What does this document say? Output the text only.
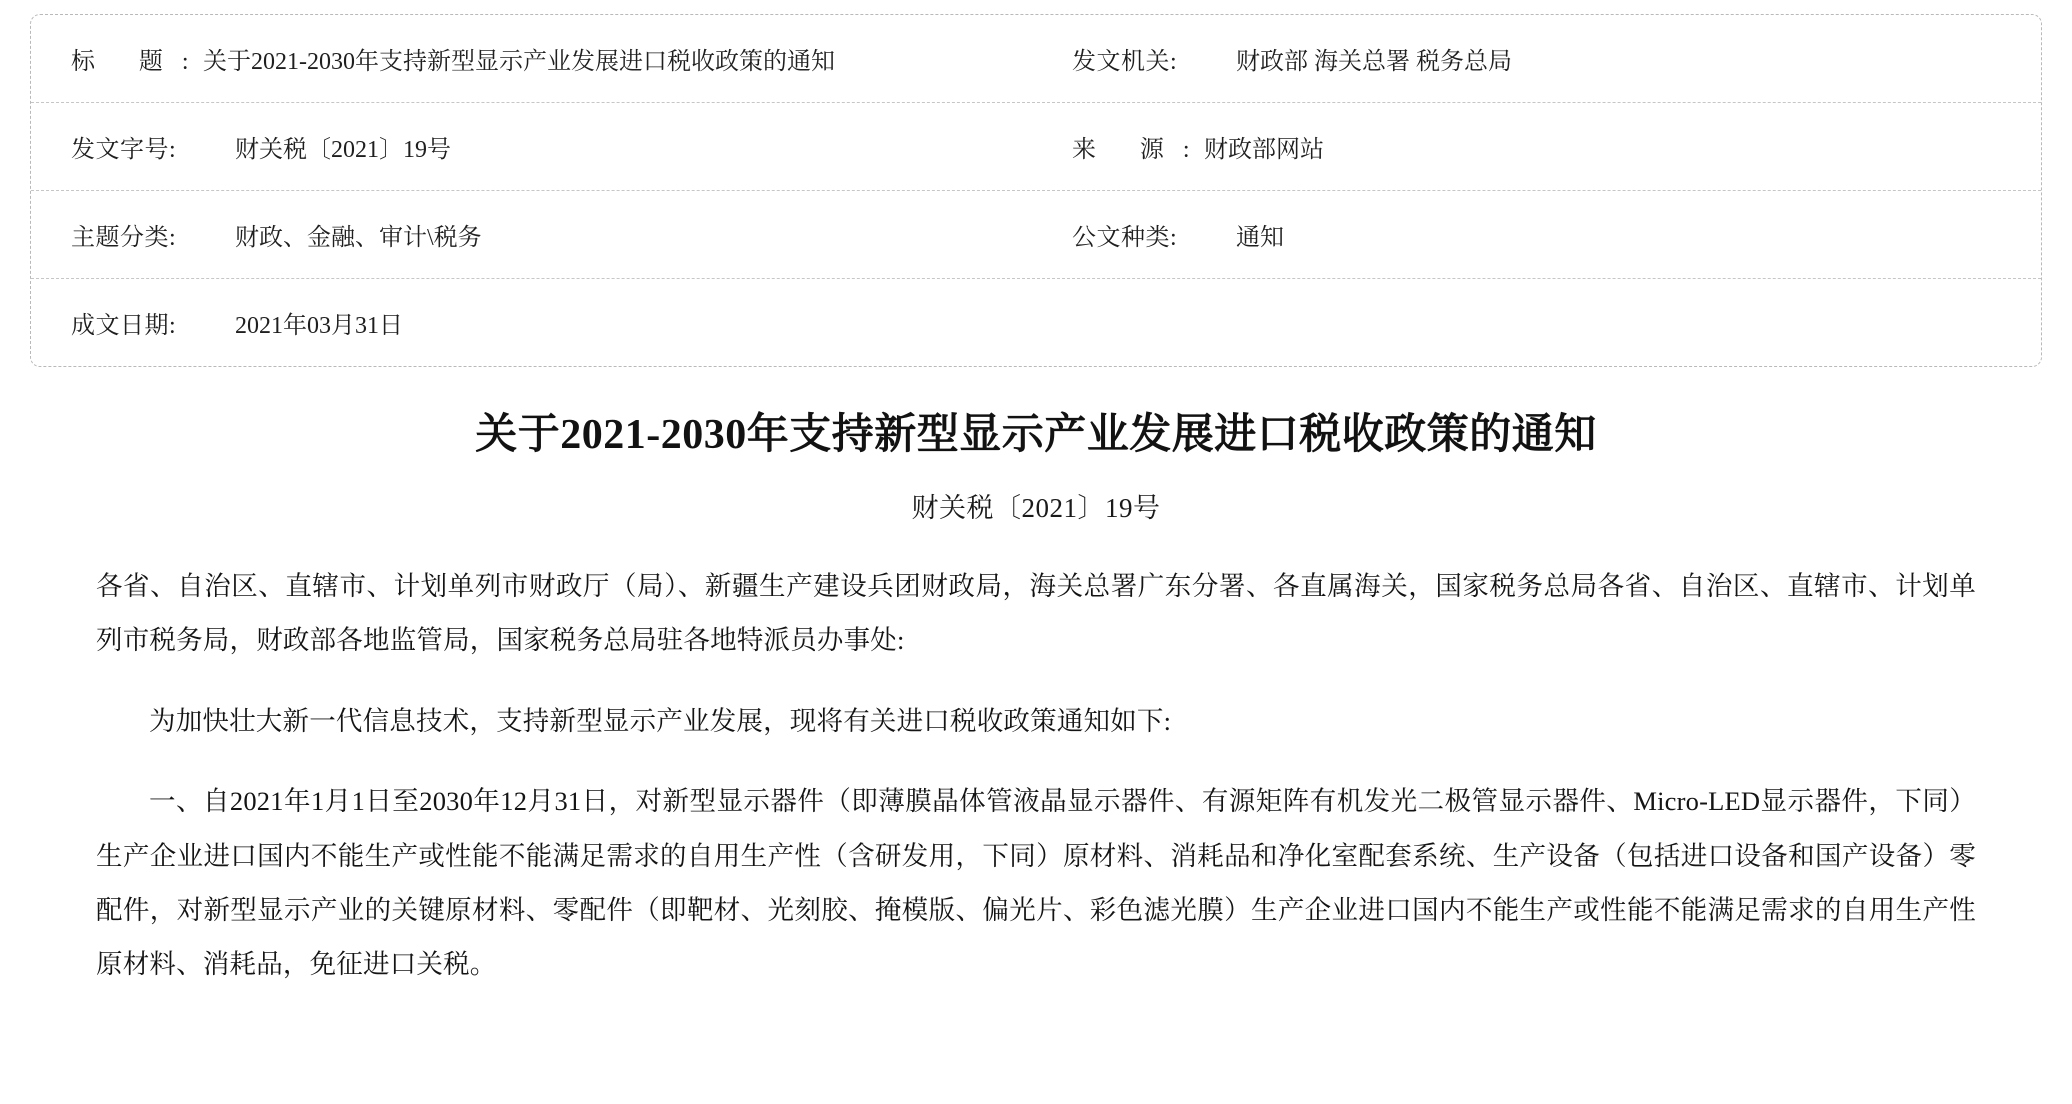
标 题: 关于2021-2030年支持新型显示产业发展进口税收政策的通知	发文机关:	财政部 海关总署 税务总局
发文字号:	财关税〔2021〕19号	来 源: 财政部网站
主题分类:	财政、金融、审计\税务	公文种类:	通知
成文日期:	2021年03月31日
关于2021-2030年支持新型显示产业发展进口税收政策的通知
财关税〔2021〕19号

各省、自治区、直辖市、计划单列市财政厅（局）、新疆生产建设兵团财政局，海关总署广东分署、各直属海关，国家税务总局各省、自治区、直辖市、计划单列市税务局，财政部各地监管局，国家税务总局驻各地特派员办事处:

为加快壮大新一代信息技术，支持新型显示产业发展，现将有关进口税收政策通知如下:

一、自2021年1月1日至2030年12月31日，对新型显示器件（即薄膜晶体管液晶显示器件、有源矩阵有机发光二极管显示器件、Micro-LED显示器件，下同）生产企业进口国内不能生产或性能不能满足需求的自用生产性（含研发用，下同）原材料、消耗品和净化室配套系统、生产设备（包括进口设备和国产设备）零配件，对新型显示产业的关键原材料、零配件（即靶材、光刻胶、掩模版、偏光片、彩色滤光膜）生产企业进口国内不能生产或性能不能满足需求的自用生产性原材料、消耗品，免征进口关税。
